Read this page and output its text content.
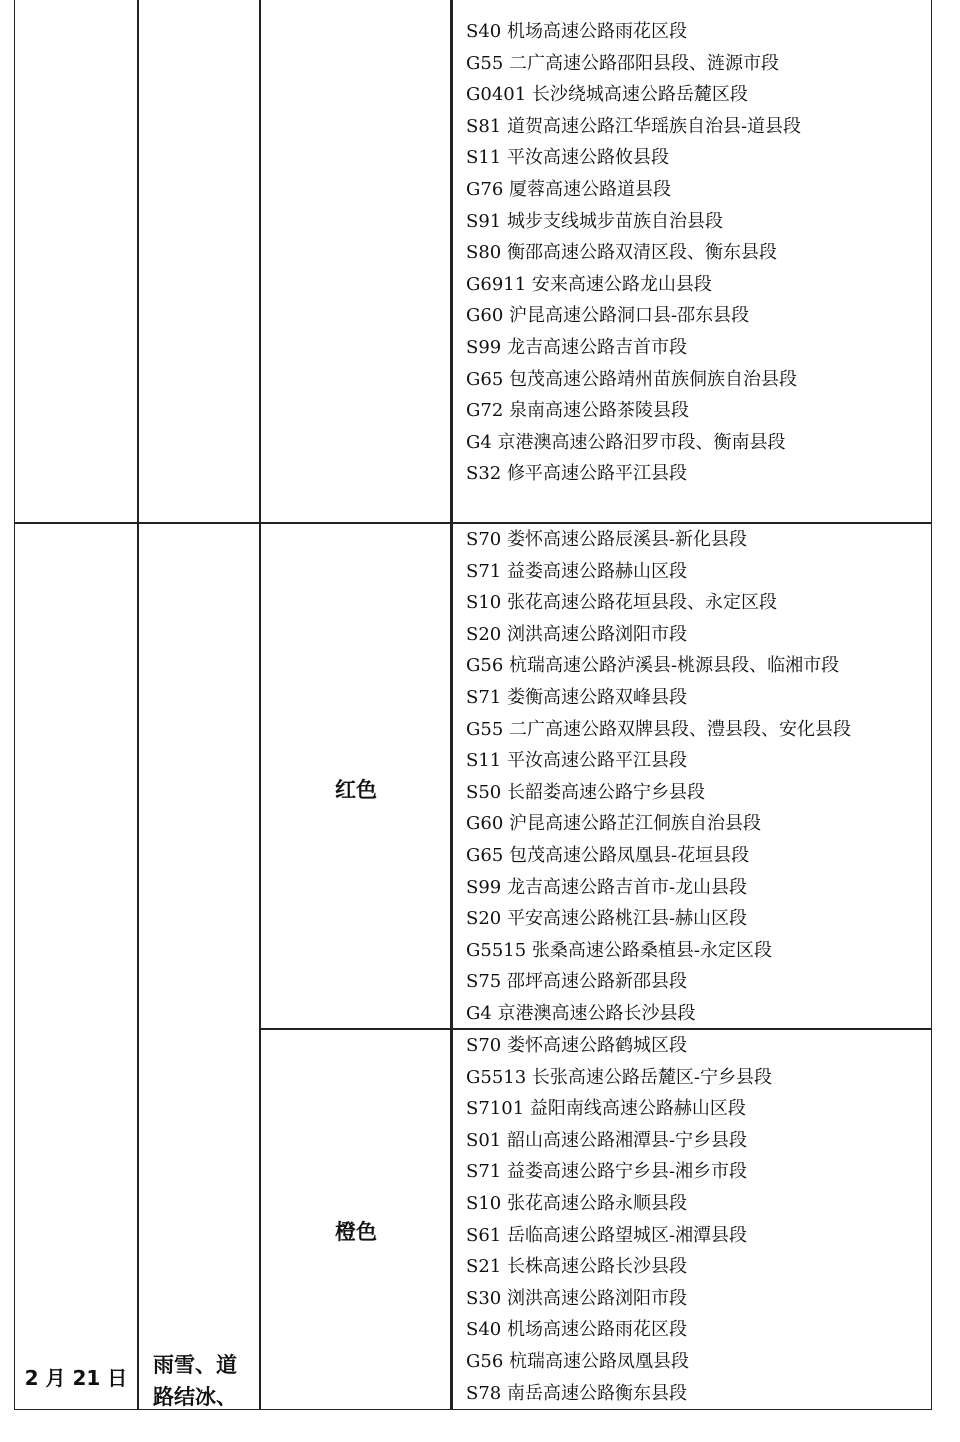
S40 机场高速公路雨花区段
G55 二广高速公路邵阳县段、涟源市段
G0401 长沙绕城高速公路岳麓区段
S81 道贺高速公路江华瑶族自治县-道县段
S11 平汝高速公路攸县段
G76 厦蓉高速公路道县段
S91 城步支线城步苗族自治县段
S80 衡邵高速公路双清区段、衡东县段
G6911 安来高速公路龙山县段
G60 沪昆高速公路洞口县-邵东县段
S99 龙吉高速公路吉首市段
G65 包茂高速公路靖州苗族侗族自治县段
G72 泉南高速公路茶陵县段
G4 京港澳高速公路汨罗市段、衡南县段
S32 修平高速公路平江县段
红色
S70 娄怀高速公路辰溪县-新化县段
S71 益娄高速公路赫山区段
S10 张花高速公路花垣县段、永定区段
S20 浏洪高速公路浏阳市段
G56 杭瑞高速公路泸溪县-桃源县段、临湘市段
S71 娄衡高速公路双峰县段
G55 二广高速公路双牌县段、澧县段、安化县段
S11 平汝高速公路平江县段
S50 长韶娄高速公路宁乡县段
G60 沪昆高速公路芷江侗族自治县段
G65 包茂高速公路凤凰县-花垣县段
S99 龙吉高速公路吉首市-龙山县段
S20 平安高速公路桃江县-赫山区段
G5515 张桑高速公路桑植县-永定区段
S75 邵坪高速公路新邵县段
G4 京港澳高速公路长沙县段
橙色
S70 娄怀高速公路鹤城区段
G5513 长张高速公路岳麓区-宁乡县段
S7101 益阳南线高速公路赫山区段
S01 韶山高速公路湘潭县-宁乡县段
S71 益娄高速公路宁乡县-湘乡市段
S10 张花高速公路永顺县段
S61 岳临高速公路望城区-湘潭县段
S21 长株高速公路长沙县段
S30 浏洪高速公路浏阳市段
S40 机场高速公路雨花区段
G56 杭瑞高速公路凤凰县段
S78 南岳高速公路衡东县段
2 月 21 日
雨雪、道
路结冰、
